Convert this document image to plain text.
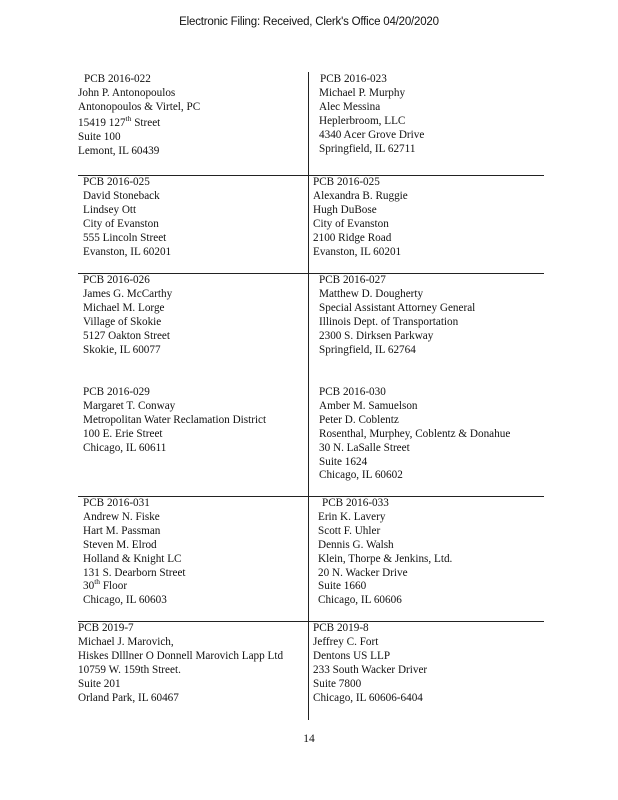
Electronic Filing: Received, Clerk's Office 04/20/2020
PCB 2016-022
John P. Antonopoulos
Antonopoulos & Virtel, PC
15419 127th Street
Suite 100
Lemont, IL 60439
PCB 2016-023
Michael P. Murphy
Alec Messina
Heplerbroom, LLC
4340 Acer Grove Drive
Springfield, IL 62711
PCB 2016-025
David Stoneback
Lindsey Ott
City of Evanston
555 Lincoln Street
Evanston, IL 60201
PCB 2016-025
Alexandra B. Ruggie
Hugh DuBose
City of Evanston
2100 Ridge Road
Evanston, IL 60201
PCB 2016-026
James G. McCarthy
Michael M. Lorge
Village of Skokie
5127 Oakton Street
Skokie, IL 60077
PCB 2016-027
Matthew D. Dougherty
Special Assistant Attorney General
Illinois Dept. of Transportation
2300 S. Dirksen Parkway
Springfield, IL 62764
PCB 2016-029
Margaret T. Conway
Metropolitan Water Reclamation District
100 E. Erie Street
Chicago, IL 60611
PCB 2016-030
Amber M. Samuelson
Peter D. Coblentz
Rosenthal, Murphey, Coblentz & Donahue
30 N. LaSalle Street
Suite 1624
Chicago, IL 60602
PCB 2016-031
Andrew N. Fiske
Hart M. Passman
Steven M. Elrod
Holland & Knight LC
131 S. Dearborn Street
30th Floor
Chicago, IL 60603
PCB 2016-033
Erin K. Lavery
Scott F. Uhler
Dennis G. Walsh
Klein, Thorpe & Jenkins, Ltd.
20 N. Wacker Drive
Suite 1660
Chicago, IL 60606
PCB 2019-7
Michael J. Marovich,
Hiskes Dlllner O Donnell Marovich Lapp Ltd
10759 W. 159th Street.
Suite 201
Orland Park, IL 60467
PCB 2019-8
Jeffrey C. Fort
Dentons US LLP
233 South Wacker Driver
Suite 7800
Chicago, IL 60606-6404
14
